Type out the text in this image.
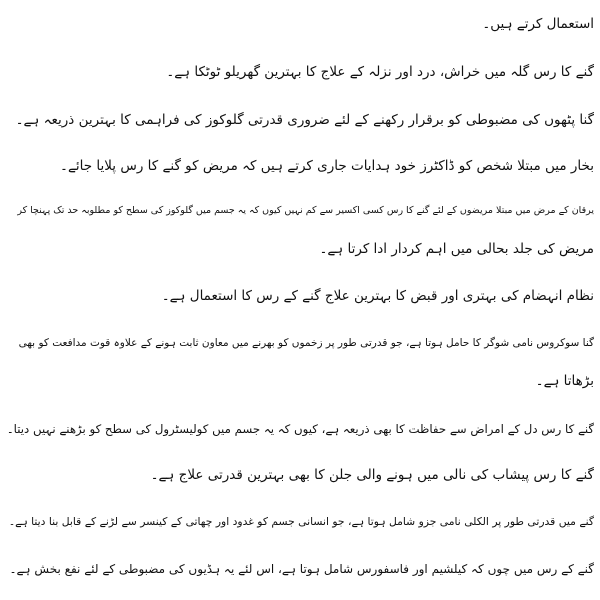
استعمال کرتے ہیں۔
گنے کا رس گلہ میں خراش، درد اور نزلہ کے علاج کا بہترین گھریلو ٹوٹکا ہے۔
گنا پٹھوں کی مضبوطی کو برقرار رکھنے کے لئے ضروری قدرتی گلوکوز کی فراہمی کا بہترین ذریعہ ہے۔
بخار میں مبتلا شخص کو ڈاکٹرز خود ہدایات جاری کرتے ہیں کہ مریض کو گنے کا رس پلایا جائے۔
یرقان کے مرض میں مبتلا مریضوں کے لئے گنے کا رس کسی اکسیر سے کم نہیں کیوں کہ یہ جسم میں گلوکوز کی سطح کو مطلوبہ حد تک پہنچا کر
مریض کی جلد بحالی میں اہم کردار ادا کرتا ہے۔
نظام انہضام کی بہتری اور قبض کا بہترین علاج گنے کے رس کا استعمال ہے۔
گنا سوکروس نامی شوگر کا حامل ہوتا ہے، جو قدرتی طور پر زخموں کو بھرنے میں معاون ثابت ہونے کے علاوہ قوت مدافعت کو بھی
بڑھاتا ہے۔
گنے کا رس دل کے امراض سے حفاظت کا بھی ذریعہ ہے، کیوں کہ یہ جسم میں کولیسٹرول کی سطح کو بڑھنے نہیں دیتا۔
گنے کا رس پیشاب کی نالی میں ہونے والی جلن کا بھی بہترین قدرتی علاج ہے۔
گنے میں قدرتی طور پر الکلی نامی جزو شامل ہوتا ہے، جو انسانی جسم کو غدود اور چھاتی کے کینسر سے لڑنے کے قابل بنا دیتا ہے۔
گنے کے رس میں چوں کہ کیلشیم اور فاسفورس شامل ہوتا ہے، اس لئے یہ ہڈیوں کی مضبوطی کے لئے نفع بخش ہے۔
